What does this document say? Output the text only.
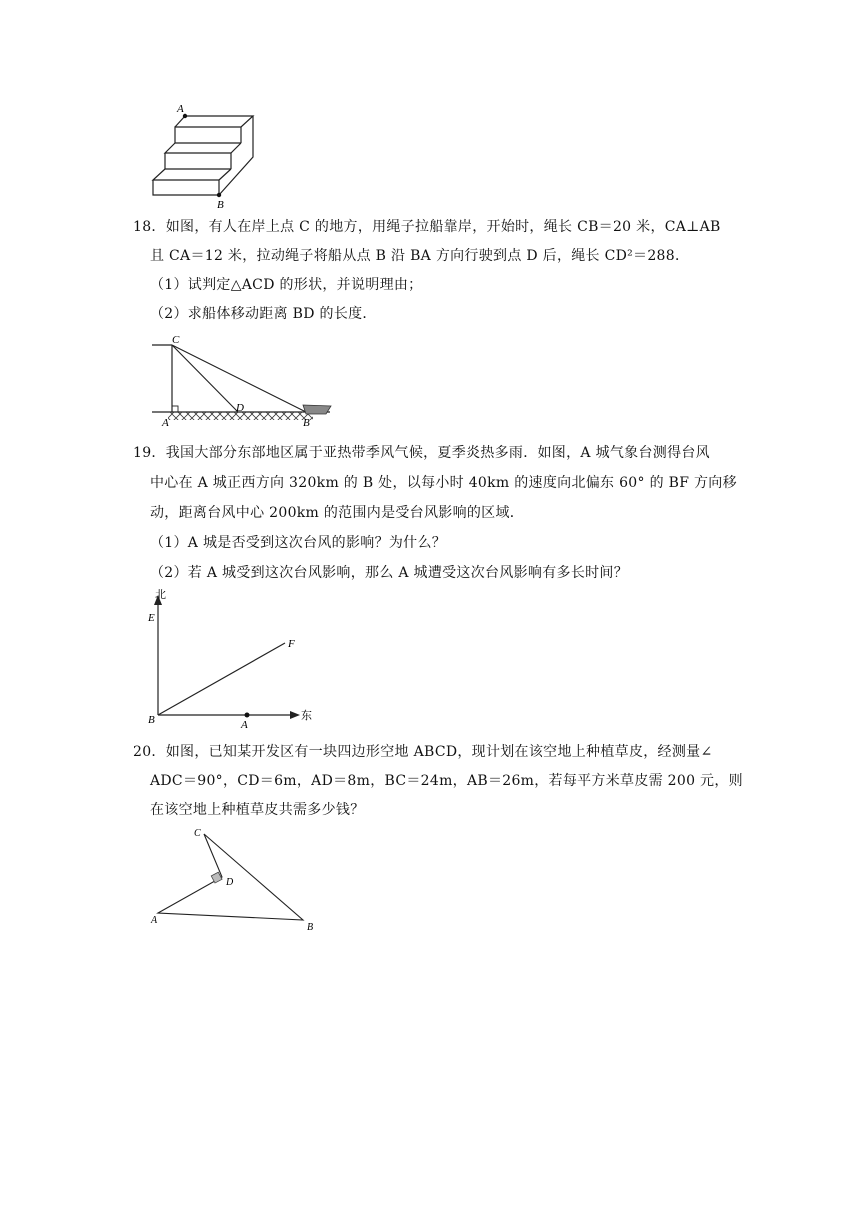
A
B
18．如图，有人在岸上点 C 的地方，用绳子拉船靠岸，开始时，绳长 CB＝20 米，CA⊥AB
且 CA＝12 米，拉动绳子将船从点 B 沿 BA 方向行驶到点 D 后，绳长 CD²＝288．
（1）试判定△ACD 的形状，并说明理由；
（2）求船体移动距离 BD 的长度．
C
A
D
B
19．我国大部分东部地区属于亚热带季风气候，夏季炎热多雨．如图，A 城气象台测得台风
中心在 A 城正西方向 320km 的 B 处，以每小时 40km 的速度向北偏东 60° 的 BF 方向移
动，距离台风中心 200km 的范围内是受台风影响的区域．
（1）A 城是否受到这次台风的影响？为什么？
（2）若 A 城受到这次台风影响，那么 A 城遭受这次台风影响有多长时间？
北
东
E
F
B	A
20．如图，已知某开发区有一块四边形空地 ABCD，现计划在该空地上种植草皮，经测量∠
ADC＝90°，CD＝6m，AD＝8m，BC＝24m，AB＝26m，若每平方米草皮需 200 元，则
在该空地上种植草皮共需多少钱？
C
D
A
B
